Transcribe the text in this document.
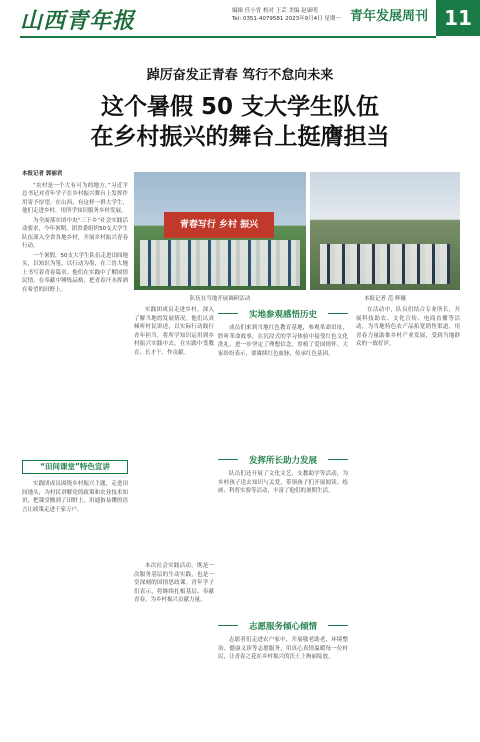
山西青年报	编辑 任小宵 校对 王芸 美编 赵康明
Tel: 0351-4079581 2023年9月4日 星期一 青年发展周刊 11
踔厉奋发正青春 笃行不怠向未来
这个暑假 50 支大学生队伍
在乡村振兴的舞台上挺膺担当
本报记者 郭丽君

“农村是一个大有可为的地方。”习近平总书记对青年学子在乡村振兴舞台上发挥作用寄予厚望。在山西，有这样一群大学生，他们走进乡村，用所学知识服务乡村发展。

为全面落实团中央“三下乡”社会实践活动要求，今年暑期，团省委组织50支大学生队伍深入全省各地乡村，开展乡村振兴青春行动。

一个暑假，50支大学生队伍走进田间地头，以知识为笔、以行动为墨，在三晋大地上书写着青春篇章。他们在实践中了解国情民情，在奉献中锤炼品格，把青春汗水挥洒在希望的田野上。

青春写行 乡村 振兴
队伍在当地开展调研活动	本报记者 范 辉摄

实践团成员走进乡村，深入了解当地的发展情况。他们认真倾听村民讲述，以实际行动践行青年担当，将所学知识运用到乡村振兴实践中去，在实践中受教育、长才干、作贡献。

实地参观感悟历史

成员们来到当地红色教育基地，参观革命旧址，聆听革命故事，在沉浸式的学习体验中接受红色文化洗礼，进一步坚定了理想信念，厚植了爱国情怀。大家纷纷表示，要赓续红色血脉，传承红色基因。

发挥所长助力发展

队员们还开展了文化文艺、支教助学等活动，为乡村孩子送去知识与关爱，带领孩子们开展阅读、绘画、科普实验等活动，丰富了他们的暑期生活。

在活动中，队员们结合专业所长，开展科技助农、文化宣传、电商直播等活动，为当地特色农产品拓宽销售渠道，用青春力量助推乡村产业发展，受到当地群众的一致好评。

“田间课堂”特色宣讲

实践团成员围绕乡村振兴主题，走进田间地头，为村民讲解党的政策和农业技术知识，把课堂搬到了田野上，用通俗易懂的语言让政策走进千家万户。

本次社会实践活动，既是一次服务基层的生动实践，也是一堂深刻的国情思政课。青年学子们表示，将继续扎根基层、奉献青春，为乡村振兴贡献力量。

志愿服务倾心倾情

志愿者们走进农户家中，开展敬老助老、环境整治、健康义诊等志愿服务，用真心真情温暖每一位村民，让青春之花在乡村振兴的沃土上绚丽绽放。
